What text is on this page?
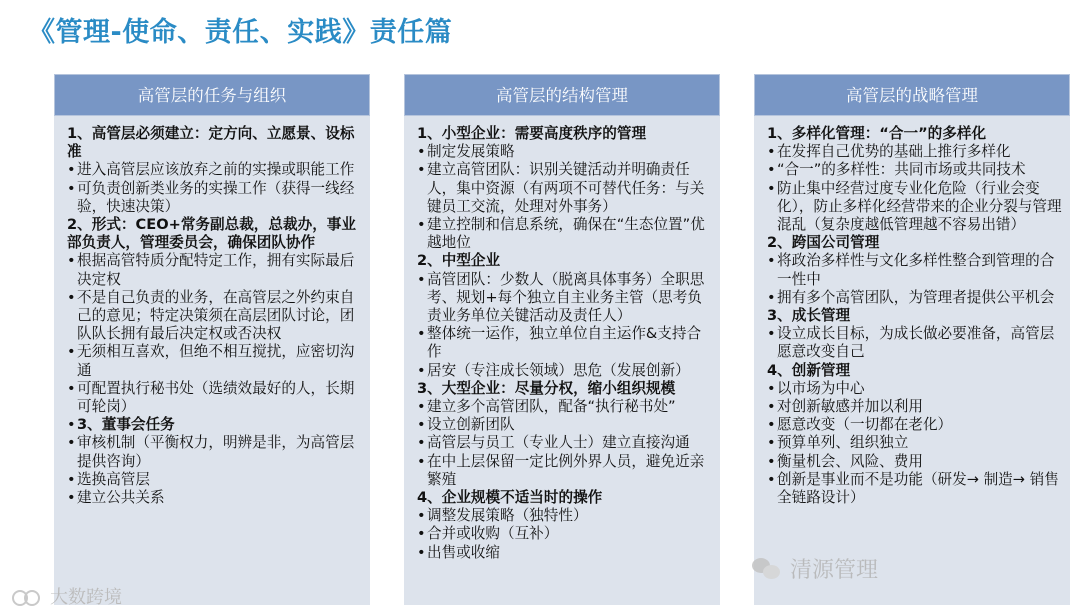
《管理-使命、责任、实践》责任篇
高管层的任务与组织
1、高管层必须建立：定方向、立愿景、设标准
• 进入高管层应该放弃之前的实操或职能工作
• 可负责创新类业务的实操工作（获得一线经验，快速决策）
2、形式：CEO+常务副总裁，总裁办，事业部负责人，管理委员会，确保团队协作
• 根据高管特质分配特定工作，拥有实际最后决定权
• 不是自己负责的业务，在高管层之外约束自己的意见；特定决策须在高层团队讨论，团队队长拥有最后决定权或否决权
• 无须相互喜欢，但绝不相互搅扰，应密切沟通
• 可配置执行秘书处（选绩效最好的人，长期可轮岗）
• 3、董事会任务
• 审核机制（平衡权力，明辨是非，为高管层提供咨询）
• 选换高管层
• 建立公共关系
高管层的结构管理
1、小型企业：需要高度秩序的管理
• 制定发展策略
• 建立高管团队：识别关键活动并明确责任人，集中资源（有两项不可替代任务：与关键员工交流，处理对外事务）
• 建立控制和信息系统，确保在“生态位置”优越地位
2、中型企业
• 高管团队：少数人（脱离具体事务）全职思考、规划+每个独立自主业务主管（思考负责业务单位关键活动及责任人）
• 整体统一运作，独立单位自主运作&支持合作
• 居安（专注成长领域）思危（发展创新）
3、大型企业：尽量分权，缩小组织规模
• 建立多个高管团队，配备“执行秘书处”
• 设立创新团队
• 高管层与员工（专业人士）建立直接沟通
• 在中上层保留一定比例外界人员，避免近亲繁殖
4、企业规模不适当时的操作
• 调整发展策略（独特性）
• 合并或收购（互补）
• 出售或收缩
高管层的战略管理
1、多样化管理：“合一”的多样化
• 在发挥自己优势的基础上推行多样化
• “合一”的多样性：共同市场或共同技术
• 防止集中经营过度专业化危险（行业会变化），防止多样化经营带来的企业分裂与管理混乱（复杂度越低管理越不容易出错）
2、跨国公司管理
• 将政治多样性与文化多样性整合到管理的合一性中
• 拥有多个高管团队，为管理者提供公平机会
3、成长管理
• 设立成长目标，为成长做必要准备，高管层愿意改变自己
4、创新管理
• 以市场为中心
• 对创新敏感并加以利用
• 愿意改变（一切都在老化）
• 预算单列、组织独立
• 衡量机会、风险、费用
• 创新是事业而不是功能（研发→ 制造→ 销售全链路设计）
大数跨境
清源管理
